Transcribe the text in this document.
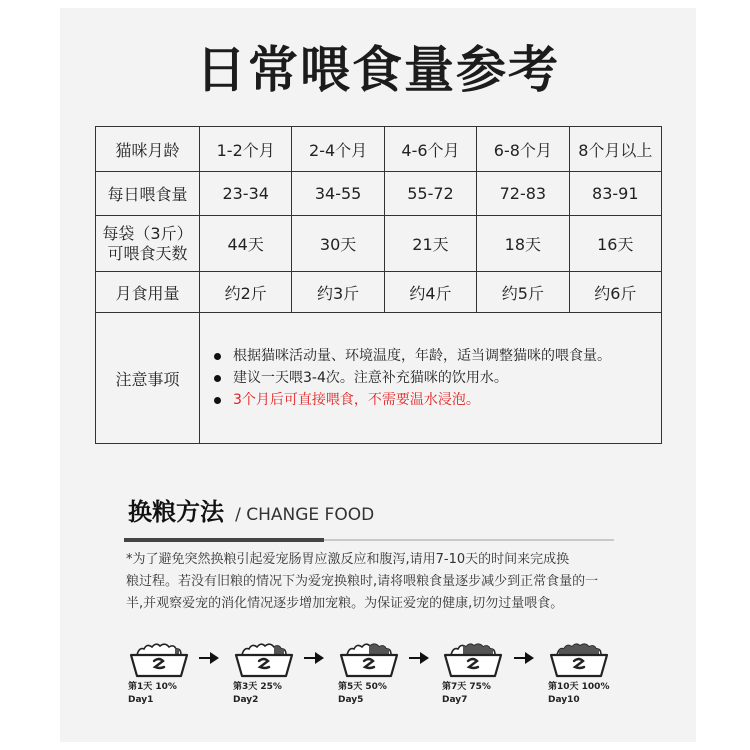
日常喂食量参考
猫咪月龄	1-2个月	2-4个月	4-6个月	6-8个月	8个月以上
每日喂食量	23-34	34-55	55-72	72-83	83-91

每袋（3斤）
可喂食天数	44天	30天	21天	18天	16天
月食用量	约2斤	约3斤	约4斤	约5斤	约6斤
注意事项	根据猫咪活动量、环境温度，年龄，适当调整猫咪的喂食量。
建议一天喂3-4次。注意补充猫咪的饮用水。
3个月后可直接喂食，不需要温水浸泡。				
换粮方法 / CHANGE FOOD
*为了避免突然换粮引起爱宠肠胃应激反应和腹泻,请用7-10天的时间来完成换
粮过程。若没有旧粮的情况下为爱宠换粮时,请将喂粮食量逐步减少到正常食量的一
半,并观察爱宠的消化情况逐步增加宠粮。为保证爱宠的健康,切勿过量喂食。
第1天 10%
Day1
第3天 25%
Day2
第5天 50%
Day5
第7天 75%
Day7
第10天 100%
Day10
